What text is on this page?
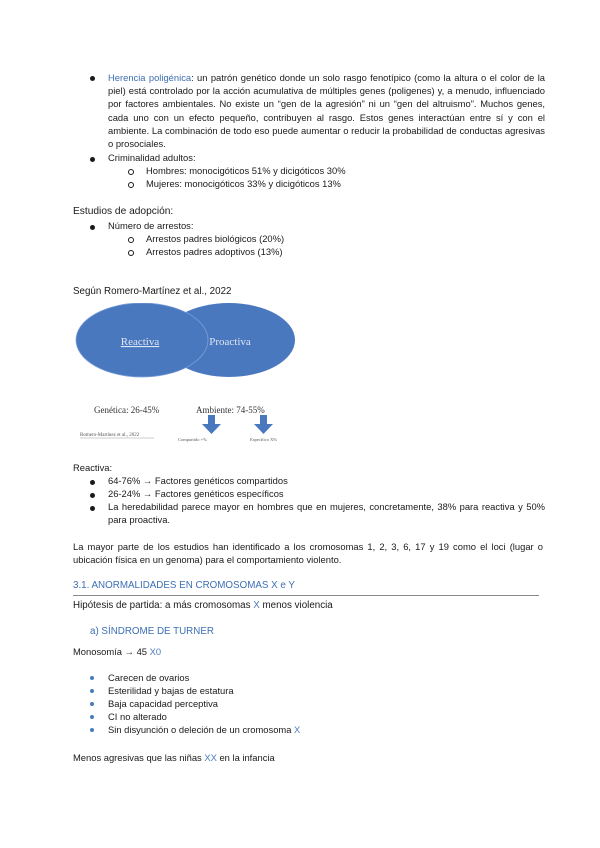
Herencia poligénica: un patrón genético donde un solo rasgo fenotípico (como la altura o el color de la piel) está controlado por la acción acumulativa de múltiples genes (poligenes) y, a menudo, influenciado por factores ambientales. No existe un “gen de la agresión” ni un “gen del altruismo”. Muchos genes, cada uno con un efecto pequeño, contribuyen al rasgo. Estos genes interactúan entre sí y con el ambiente. La combinación de todo eso puede aumentar o reducir la probabilidad de conductas agresivas o prosociales.
Criminalidad adultos:
Hombres: monocigóticos 51% y dicigóticos 30%
Mujeres: monocigóticos 33% y dicigóticos 13%
Estudios de adopción:
Número de arrestos:
Arrestos padres biológicos (20%)
Arrestos padres adoptivos (13%)
Según Romero-Martínez et al., 2022
Reactiva	Proactiva
Genética: 26-45%	Ambiente: 74-55%
Romero-Martínez et al., 2022
Compartido +%	Específico X%
Reactiva:
64-76% → Factores genéticos compartidos
26-24% → Factores genéticos específicos
La heredabilidad parece mayor en hombres que en mujeres, concretamente, 38% para reactiva y 50% para proactiva.
La mayor parte de los estudios han identificado a los cromosomas 1, 2, 3, 6, 17 y 19 como el loci (lugar o ubicación física en un genoma) para el comportamiento violento.
3.1. ANORMALIDADES EN CROMOSOMAS X e Y
Hipótesis de partida: a más cromosomas X menos violencia
a) SÍNDROME DE TURNER
Monosomía → 45 X0
Carecen de ovarios
Esterilidad y bajas de estatura
Baja capacidad perceptiva
CI no alterado
Sin disyunción o deleción de un cromosoma X
Menos agresivas que las niñas XX en la infancia
